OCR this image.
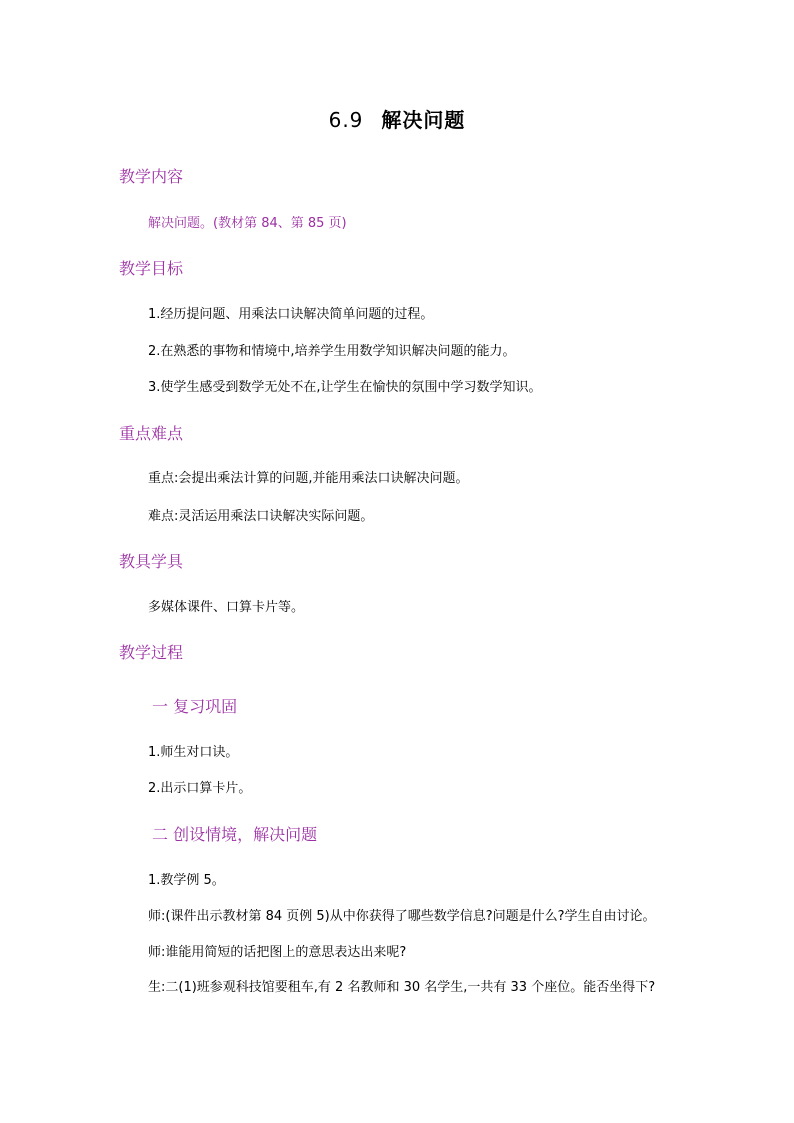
6.9 解决问题
教学内容
解决问题。(教材第 84、第 85 页)
教学目标
1.经历提问题、用乘法口诀解决简单问题的过程。
2.在熟悉的事物和情境中,培养学生用数学知识解决问题的能力。
3.使学生感受到数学无处不在,让学生在愉快的氛围中学习数学知识。
重点难点
重点:会提出乘法计算的问题,并能用乘法口诀解决问题。
难点:灵活运用乘法口诀解决实际问题。
教具学具
多媒体课件、口算卡片等。
教学过程
一 复习巩固
1.师生对口诀。
2.出示口算卡片。
二 创设情境，解决问题
1.教学例 5。
师:(课件出示教材第 84 页例 5)从中你获得了哪些数学信息?问题是什么?学生自由讨论。
师:谁能用简短的话把图上的意思表达出来呢?
生:二(1)班参观科技馆要租车,有 2 名教师和 30 名学生,一共有 33 个座位。能否坐得下?
